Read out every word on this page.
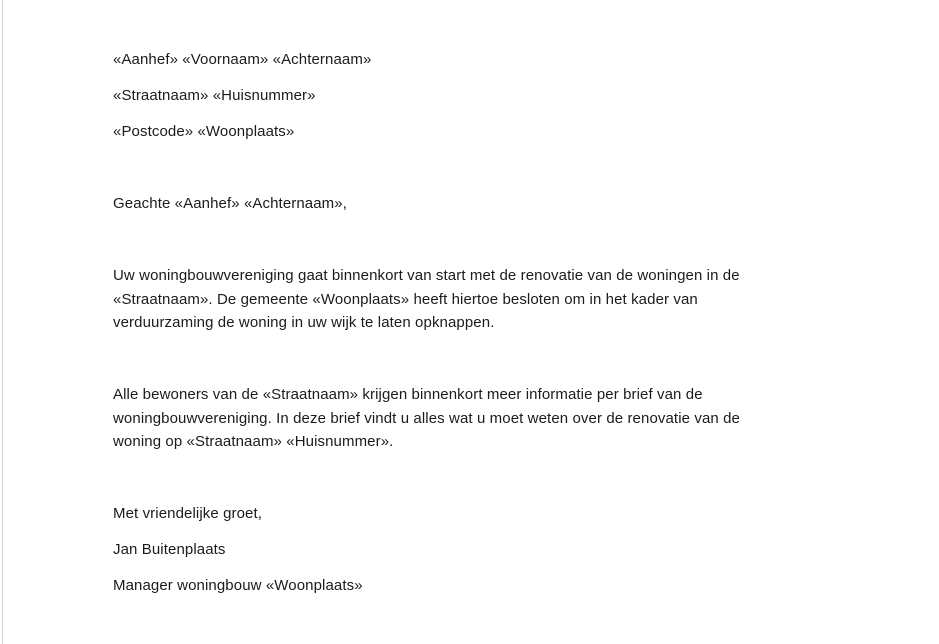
«Aanhef» «Voornaam» «Achternaam»

«Straatnaam» «Huisnummer»

«Postcode» «Woonplaats»

Geachte «Aanhef» «Achternaam»,

Uw woningbouwvereniging gaat binnenkort van start met de renovatie van de woningen in de
«Straatnaam». De gemeente «Woonplaats» heeft hiertoe besloten om in het kader van
verduurzaming de woning in uw wijk te laten opknappen.

Alle bewoners van de «Straatnaam» krijgen binnenkort meer informatie per brief van de
woningbouwvereniging. In deze brief vindt u alles wat u moet weten over de renovatie van de
woning op «Straatnaam» «Huisnummer».

Met vriendelijke groet,

Jan Buitenplaats

Manager woningbouw «Woonplaats»
